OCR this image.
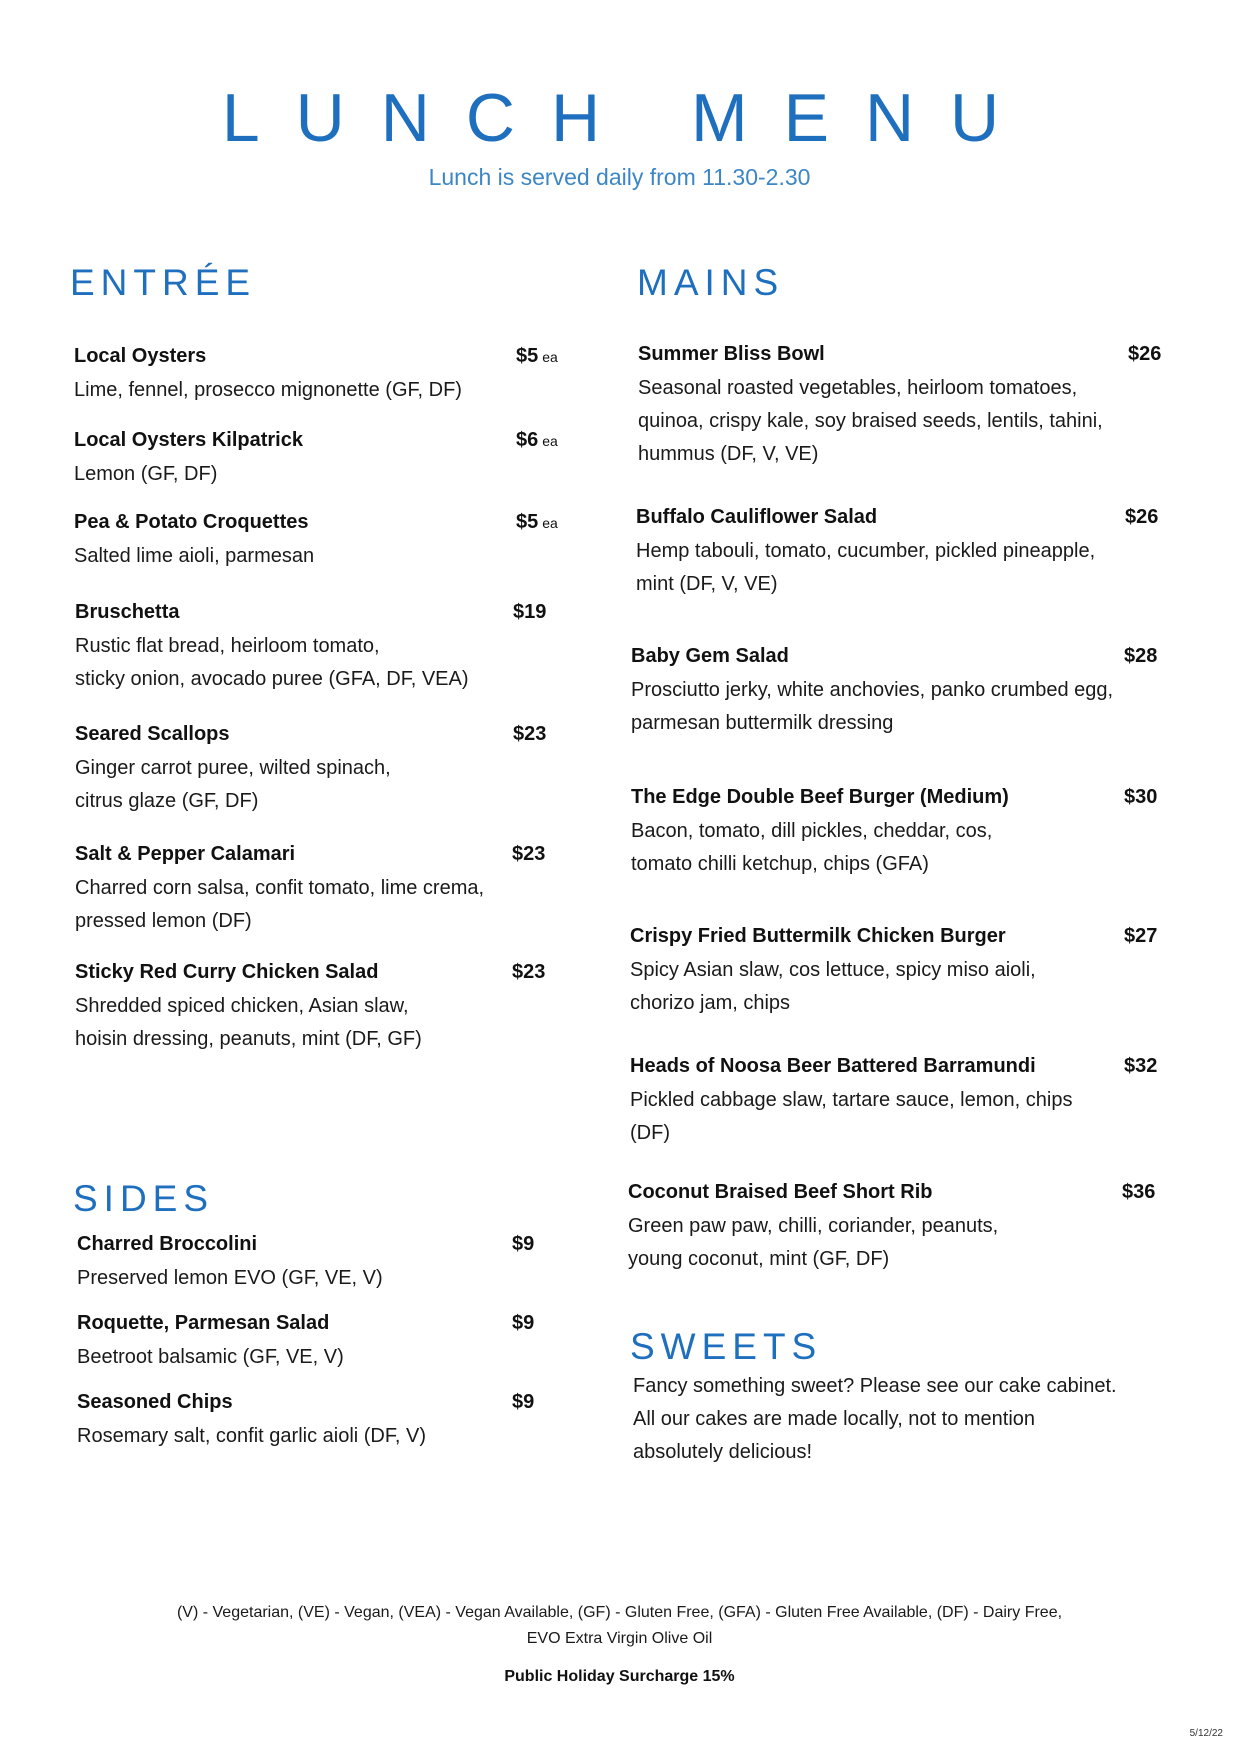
LUNCH MENU
Lunch is served daily from 11.30-2.30
ENTRÉE
Local Oysters	$5 ea
Lime, fennel, prosecco mignonette (GF, DF)
Local Oysters Kilpatrick	$6 ea
Lemon (GF, DF)
Pea & Potato Croquettes	$5 ea
Salted lime aioli, parmesan
Bruschetta	$19
Rustic flat bread, heirloom tomato,
sticky onion, avocado puree (GFA, DF, VEA)
Seared Scallops	$23
Ginger carrot puree, wilted spinach,
citrus glaze (GF, DF)
Salt & Pepper Calamari	$23
Charred corn salsa, confit tomato, lime crema,
pressed lemon (DF)
Sticky Red Curry Chicken Salad	$23
Shredded spiced chicken, Asian slaw,
hoisin dressing, peanuts, mint (DF, GF)
SIDES
Charred Broccolini	$9
Preserved lemon EVO (GF, VE, V)
Roquette, Parmesan Salad	$9
Beetroot balsamic (GF, VE, V)
Seasoned Chips	$9
Rosemary salt, confit garlic aioli (DF, V)
MAINS
Summer Bliss Bowl	$26
Seasonal roasted vegetables, heirloom tomatoes,
quinoa, crispy kale, soy braised seeds, lentils, tahini,
hummus (DF, V, VE)
Buffalo Cauliflower Salad	$26
Hemp tabouli, tomato, cucumber, pickled pineapple,
mint (DF, V, VE)
Baby Gem Salad	$28
Prosciutto jerky, white anchovies, panko crumbed egg,
parmesan buttermilk dressing
The Edge Double Beef Burger (Medium)	$30
Bacon, tomato, dill pickles, cheddar, cos,
tomato chilli ketchup, chips (GFA)
Crispy Fried Buttermilk Chicken Burger	$27
Spicy Asian slaw, cos lettuce, spicy miso aioli,
chorizo jam, chips
Heads of Noosa Beer Battered Barramundi	$32
Pickled cabbage slaw, tartare sauce, lemon, chips
(DF)
Coconut Braised Beef Short Rib	$36
Green paw paw, chilli, coriander, peanuts,
young coconut, mint (GF, DF)
SWEETS
Fancy something sweet? Please see our cake cabinet.
All our cakes are made locally, not to mention
absolutely delicious!
(V) - Vegetarian, (VE) - Vegan, (VEA) - Vegan Available, (GF) - Gluten Free, (GFA) - Gluten Free Available, (DF) - Dairy Free,
EVO Extra Virgin Olive Oil
Public Holiday Surcharge 15%
5/12/22
